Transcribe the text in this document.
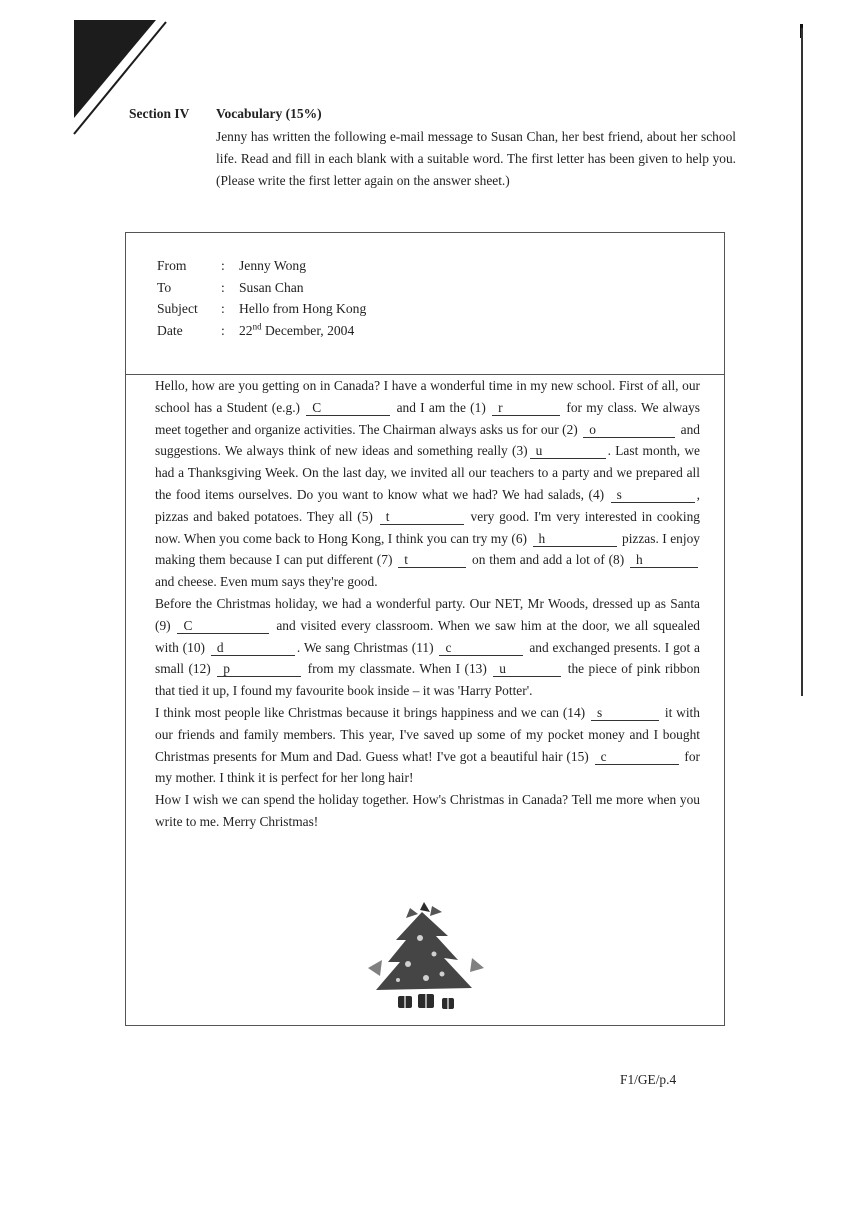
Section IV Vocabulary (15%)
Jenny has written the following e-mail message to Susan Chan, her best friend, about her school life. Read and fill in each blank with a suitable word. The first letter has been given to help you. (Please write the first letter again on the answer sheet.)
From	:	Jenny Wong
To	:	Susan Chan
Subject	:	Hello from Hong Kong
Date	:	22nd December, 2004

Hello, how are you getting on in Canada? I have a wonderful time in my new school. First of all, our school has a Student (e.g.) C	and I am the (1) r	for my class. We always meet together and organize activities. The Chairman always asks us for our (2) o	and suggestions. We always think of new ideas and something really (3) u	. Last month, we had a Thanksgiving Week. On the last day, we invited all our teachers to a party and we prepared all the food items ourselves. Do you want to know what we had? We had salads, (4) s	, pizzas and baked potatoes. They all (5) t	very good. I'm very interested in cooking now. When you come back to Hong Kong, I think you can try my (6) h	pizzas. I enjoy making them because I can put different (7) t	on them and add a lot of (8) h and cheese. Even mum says they're good.

Before the Christmas holiday, we had a wonderful party. Our NET, Mr Woods, dressed up as Santa (9) C	and visited every classroom. When we saw him at the door, we all squealed with (10) d	. We sang Christmas (11) c	and exchanged presents. I got a small (12) p	from my classmate. When I (13) u	the piece of pink ribbon that tied it up, I found my favourite book inside – it was 'Harry Potter'.

I think most people like Christmas because it brings happiness and we can (14) s	it with our friends and family members. This year, I've saved up some of my pocket money and I bought Christmas presents for Mum and Dad. Guess what! I've got a beautiful hair (15) c	for my mother. I think it is perfect for her long hair!

How I wish we can spend the holiday together. How's Christmas in Canada? Tell me more when you write to me. Merry Christmas!

F1/GE/p.4
